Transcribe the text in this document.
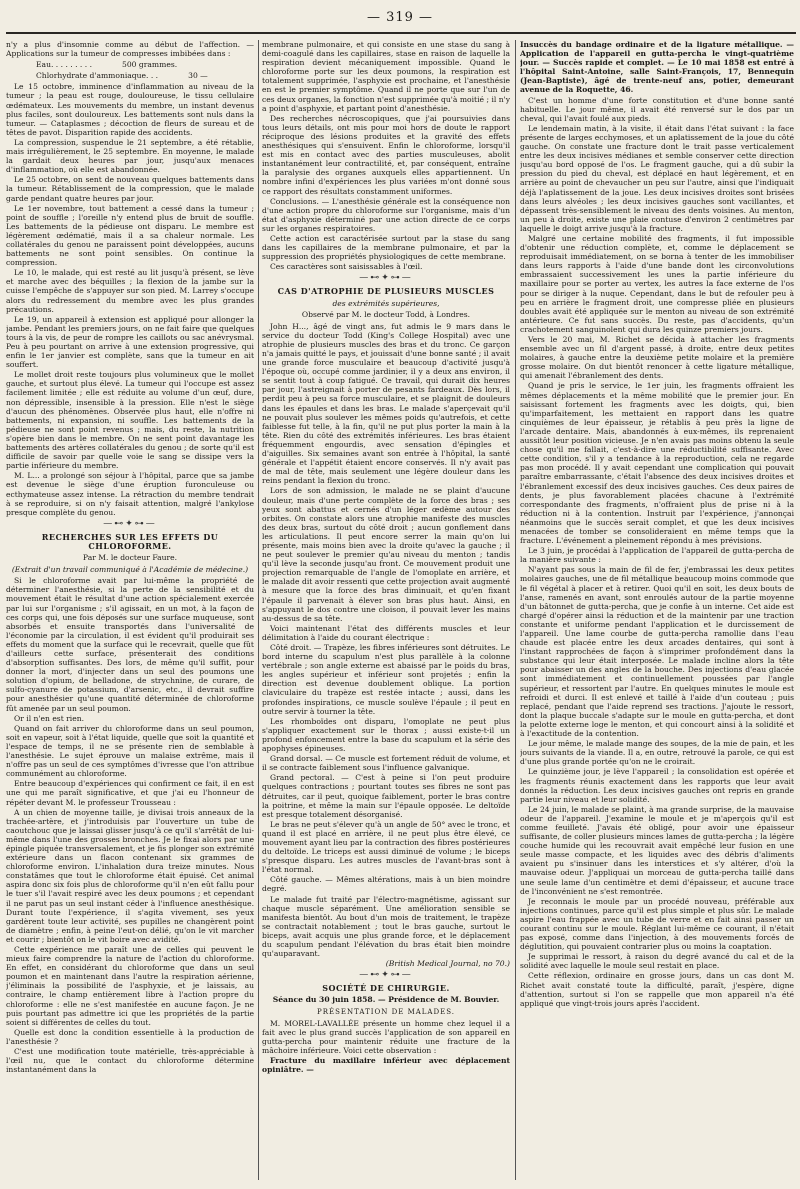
— 319 —

n'y a plus d'insomnie comme au début de l'affection. — Applications sur la tumeur de compresses imbibées dans :

Eau. . . . . . . . .	500 grammes.
Chlorhydrate d'ammoniaque. . .	30 —

Le 15 octobre, imminence d'inflammation au niveau de la tumeur ; la peau est rouge, douloureuse, le tissu cellulaire œdémateux. Les mouvements du membre, un instant devenus plus faciles, sont douloureux. Les battements sont nuls dans la tumeur. — Cataplasmes ; décoction de fleurs de sureau et de têtes de pavot. Disparition rapide des accidents.

La compression, suspendue le 21 septembre, a été rétablie, mais irrégulièrement, le 25 septembre. En moyenne, le malade la gardait deux heures par jour, jusqu'aux menaces d'inflammation, où elle est abandonnée.

Le 25 octobre, on sent de nouveau quelques battements dans la tumeur. Rétablissement de la compression, que le malade garde pendant quatre heures par jour.

Le 1er novembre, tout battement a cessé dans la tumeur ; point de souffle ; l'oreille n'y entend plus de bruit de souffle. Les battements de la pédieuse ont disparu. Le membre est légèrement œdématié, mais il a sa chaleur normale. Les collatérales du genou ne paraissent point développées, aucuns battements ne sont point sensibles. On continue la compression.

Le 10, le malade, qui est resté au lit jusqu'à présent, se lève et marche avec des béquilles ; la flexion de la jambe sur la cuisse l'empêche de s'appuyer sur son pied. M. Larrey s'occupe alors du redressement du membre avec les plus grandes précautions.

Le 19, un appareil à extension est appliqué pour allonger la jambe. Pendant les premiers jours, on ne fait faire que quelques tours à la vis, de peur de rompre les caillots ou sac anévrysmal. Peu à peu pourtant on arrive à une extension progressive, qui enfin le 1er janvier est complète, sans que la tumeur en ait souffert.

Le mollet droit reste toujours plus volumineux que le mollet gauche, et surtout plus élevé. La tumeur qui l'occupe est assez facilement limitée ; elle est réduite au volume d'un œuf, dure, non dépressible, insensible à la pression. Elle n'est le siège d'aucun des phénomènes. Observée plus haut, elle n'offre ni battements, ni expansion, ni souffle. Les battements de la pédieuse ne sont point revenus ; mais, du reste, la nutrition s'opère bien dans le membre. On ne sent point davantage les battements des artères collatérales du genou ; de sorte qu'il est difficile de savoir par quelle voie le sang se dissipe vers la partie inférieure du membre.

M. L... a prolongé son séjour à l'hôpital, parce que sa jambe est devenue le siège d'une éruption furonculeuse ou ecthymateuse assez intense. La rétraction du membre tendrait à se reproduire, si on n'y faisait attention, malgré l'ankylose presque complète du genou.

—⊷✦⊶—
RECHERCHES SUR LES EFFETS DU CHLOROFORME.
Par M. le docteur Faure.
(Extrait d'un travail communiqué à l'Académie de médecine.)

Si le chloroforme avait par lui-même la propriété de déterminer l'anesthésie, si la perte de la sensibilité et du mouvement était le résultat d'une action spécialement exercée par lui sur l'organisme ; s'il agissait, en un mot, à la façon de ces corps qui, une fois déposés sur une surface muqueuse, sont absorbés et ensuite transportés dans l'universalité de l'économie par la circulation, il est évident qu'il produirait ses effets du moment que la surface qui le recevrait, quelle que fût d'ailleurs cette surface, présenterait des conditions d'absorption suffisantes. Des lors, de même qu'il suffit, pour donner la mort, d'injecter dans un seul des poumons une solution d'opium, de belladone, de strychnine, de curare, de sulfo-cyanure de potassium, d'arsenic, etc., il devrait suffire pour anesthésier qu'une quantité déterminée de chloroforme fût amenée par un seul poumon.

Or il n'en est rien.

Quand on fait arriver du chloroforme dans un seul poumon, soit en vapeur, soit à l'état liquide, quelle que soit la quantité et l'espace de temps, il ne se présente rien de semblable à l'anesthésie. Le sujet éprouve un malaise extrême, mais il n'offre pas un seul de ces symptômes d'ivresse que l'on attribue communément au chloroforme.

Entre beaucoup d'expériences qui confirment ce fait, il en est une qui me paraît significative, et que j'ai eu l'honneur de répéter devant M. le professeur Trousseau :

A un chien de moyenne taille, je divisai trois anneaux de la trachée-artère, et j'introduisis par l'ouverture un tube de caoutchouc que je laissai glisser jusqu'à ce qu'il s'arrêtât de lui-même dans l'une des grosses bronches. Je le fixai alors par une épingle piquée transversalement, et je fis plonger son extrémité extérieure dans un flacon contenant six grammes de chloroforme environ. L'inhalation dura treize minutes. Nous constatâmes que tout le chloroforme était épuisé. Cet animal aspira donc six fois plus de chloroforme qu'il n'en eût fallu pour le tuer s'il l'avait respiré avec les deux poumons ; et cependant il ne parut pas un seul instant céder à l'influence anesthésique. Durant toute l'expérience, il s'agita vivement, ses yeux gardèrent toute leur activité, ses pupilles ne changèrent point de diamètre ; enfin, à peine l'eut-on délié, qu'on le vit marcher et courir ; bientôt on le vit boire avec avidité.

Cette expérience me paraît une de celles qui peuvent le mieux faire comprendre la nature de l'action du chloroforme. En effet, en considérant du chloroforme que dans un seul poumon et en maintenant dans l'autre la respiration aérienne, j'éliminais la possibilité de l'asphyxie, et je laissais, au contraire, le champ entièrement libre à l'action propre du chloroforme : elle ne s'est manifestée en aucune façon. Je ne puis pourtant pas admettre ici que les propriétés de la partie soient si différentes de celles du tout.

Quelle est donc la condition essentielle à la production de l'anesthésie ?

C'est une modification toute matérielle, très-appréciable à l'œil nu, que le contact du chloroforme détermine instantanément dans la

membrane pulmonaire, et qui consiste en une stase du sang à demi-coagulé dans les capillaires, stase en raison de laquelle la respiration devient mécaniquement impossible. Quand le chloroforme porte sur les deux poumons, la respiration est totalement supprimée, l'asphyxie est prochaine, et l'anesthésie en est le premier symptôme. Quand il ne porte que sur l'un de ces deux organes, la fonction n'est supprimée qu'à moitié ; il n'y a point d'asphyxie, et partant point d'anesthésie.

Des recherches nécroscopiques, que j'ai poursuivies dans tous leurs détails, ont mis pour moi hors de doute le rapport réciproque des lésions produites et la gravité des effets anesthésiques qui s'ensuivent. Enfin le chloroforme, lorsqu'il est mis en contact avec des parties musculeuses, abolit instantanément leur contractilité, et, par conséquent, entraîne la paralysie des organes auxquels elles appartiennent. Un nombre infini d'expériences les plus variées m'ont donné sous ce rapport des résultats constamment uniformes.

Conclusions. — L'anesthésie générale est la conséquence non d'une action propre du chloroforme sur l'organisme, mais d'un état d'asphyxie déterminé par une action directe de ce corps sur les organes respiratoires.

Cette action est caractérisée surtout par la stase du sang dans les capillaires de la membrane pulmonaire, et par la suppression des propriétés physiologiques de cette membrane.

Ces caractères sont saisissables à l'œil.

—⊷✦⊶—
CAS D'ATROPHIE DE PLUSIEURS MUSCLES
des extrémités supérieures,
Observé par M. le docteur Todd, à Londres.

John H..., âgé de vingt ans, fut admis le 9 mars dans le service du docteur Todd (King's College Hospital) avec une atrophie de plusieurs muscles des bras et du tronc. Ce garçon n'a jamais quitté le pays, et jouissait d'une bonne santé ; il avait une grande force musculaire et beaucoup d'activité jusqu'à l'époque où, occupé comme jardinier, il y a deux ans environ, il se sentit tout à coup fatigué. Ce travail, qui durait dix heures par jour, l'astreignait à porter de pesants fardeaux. Dès lors, il perdit peu à peu sa force musculaire, et se plaignit de douleurs dans les épaules et dans les bras. Le malade s'aperçevait qu'il ne pouvait plus soulever les mêmes poids qu'autrefois, et cette faiblesse fut telle, à la fin, qu'il ne put plus porter la main à la tête. Rien du côté des extrémités inférieures. Les bras étaient fréquemment engourdis, avec sensation d'épingles et d'aiguilles. Six semaines avant son entrée à l'hôpital, la santé générale et l'appétit étaient encore conservés. Il n'y avait pas de mal de tête, mais seulement une légère douleur dans les reins pendant la flexion du tronc.

Lors de son admission, le malade ne se plaint d'aucune douleur, mais d'une perte complète de la force des bras ; ses yeux sont abattus et cernés d'un léger œdème autour des orbites. On constate alors une atrophie manifeste des muscles des deux bras, surtout du côté droit ; aucun gonflement dans les articulations. Il peut encore serrer la main qu'on lui présente, mais moins bien avec la droite qu'avec la gauche ; il ne peut soulever le premier qu'au niveau du menton ; tandis qu'il lève la seconde jusqu'au front. Ce mouvement produit une projection remarquable de l'angle de l'omoplate en arrière, et le malade dit avoir ressenti que cette projection avait augmenté à mesure que la force des bras diminuait, et qu'en fixant l'épaule il parvenait à élever son bras plus haut. Ainsi, en s'appuyant le dos contre une cloison, il pouvait lever les mains au-dessus de sa tête.

Voici maintenant l'état des différents muscles et leur délimitation à l'aide du courant électrique :

Côté droit. — Trapèze, les fibres inférieures sont détruites. Le bord interne du scapulum n'est plus parallèle à la colonne vertébrale ; son angle externe est abaissé par le poids du bras, les angles supérieur et inférieur sont projetés ; enfin la direction est devenue doublement oblique. La portion claviculaire du trapèze est restée intacte ; aussi, dans les profondes inspirations, ce muscle soulève l'épaule ; il peut en outre servir à tourner la tête.

Les rhomboïdes ont disparu, l'omoplate ne peut plus s'appliquer exactement sur le thorax ; aussi existe-t-il un profond enfoncement entre la base du scapulum et la série des apophyses épineuses.

Grand dorsal. — Ce muscle est fortement réduit de volume, et il se contracte faiblement sous l'influence galvanique.

Grand pectoral. — C'est à peine si l'on peut produire quelques contractions ; pourtant toutes ses fibres ne sont pas détruites, car il peut, quoique faiblement, porter le bras contre la poitrine, et même la main sur l'épaule opposée. Le deltoïde est presque totalement désorganisé.

Le bras ne peut s'élever qu'à un angle de 50° avec le tronc, et quand il est placé en arrière, il ne peut plus être élevé, ce mouvement ayant lieu par la contraction des fibres postérieures du deltoïde. Le triceps est aussi diminué de volume ; le biceps s'presque disparu. Les autres muscles de l'avant-bras sont à l'état normal.

Côté gauche. — Mêmes altérations, mais à un bien moindre degré.

Le malade fut traité par l'électro-magnétisme, agissant sur chaque muscle séparément. Une amélioration sensible se manifesta bientôt. Au bout d'un mois de traitement, le trapèze se contractait notablement ; tout le bras gauche, surtout le biceps, avait acquis une plus grande force, et le déplacement du scapulum pendant l'élévation du bras était bien moindre qu'auparavant.

(British Medical Journal, no 70.)

—⊷✦⊶—
SOCIÉTÉ DE CHIRURGIE.
Séance du 30 juin 1858. — Présidence de M. Bouvier.
PRÉSENTATION DE MALADES.

M. MOREL-LAVALLÉE présente un homme chez lequel il a fait avec le plus grand succès l'application de son appareil en gutta-percha pour maintenir réduite une fracture de la mâchoire inférieure. Voici cette observation :

Fracture du maxillaire inférieur avec déplacement opiniâtre. —

Insuccès du bandage ordinaire et de la ligature métallique. — Application de l'appareil en gutta-percha le vingt-quatrième jour. — Succès rapide et complet. — Le 10 mai 1858 est entré à l'hôpital Saint-Antoine, salle Saint-François, 17, Bennequin (Jean-Baptiste), âgé de trente-neuf ans, potier, demeurant avenue de la Roquette, 46.

C'est un homme d'une forte constitution et d'une bonne santé habituelle. Le jour même, il avait été renversé sur le dos par un cheval, qui l'avait foulé aux pieds.

Le lendemain matin, à la visite, il était dans l'état suivant : la face présente de larges ecchymoses, et un aplatissement de la joue du côté gauche. On constate une fracture dont le trait passe verticalement entre les deux incisives médianes et semble conserver cette direction jusqu'au bord opposé de l'os. Le fragment gauche, qui a dû subir la pression du pied du cheval, est déplacé en haut légèrement, et en arrière au point de chevaucher un peu sur l'autre, ainsi que l'indiquait déjà l'aplatissement de la joue. Les deux incisives droites sont brisées dans leurs alvéoles ; les deux incisives gauches sont vacillantes, et dépassent très-sensiblement le niveau des dents voisines. Au menton, un peu à droite, existe une plaie contuse d'environ 2 centimètres par laquelle le doigt arrive jusqu'à la fracture.

Malgré une certaine mobilité des fragments, il fut impossible d'obtenir une réduction complète, et, comme le déplacement se reproduisait immédiatement, on se borna à tenter de les immobiliser dans leurs rapports à l'aide d'une bande dont les circonvolutions embrassaient successivement les unes la partie inférieure du maxillaire pour se porter au vertex, les autres la face externe de l'os pour se diriger à la nuque. Cependant, dans le but de refouler peu à peu en arrière le fragment droit, une compresse pliée en plusieurs doubles avait été appliquée sur le menton au niveau de son extrémité antérieure. Ce fut sans succès. Du reste, pas d'accidents, qu'un crachotement sanguinolent qui dura les quinze premiers jours.

Vers le 20 mai, M. Richet se décida à attacher les fragments ensemble avec un fil d'argent passé, à droite, entre deux petites molaires, à gauche entre la deuxième petite molaire et la première grosse molaire. On dut bientôt renoncer à cette ligature métallique, qui amenait l'ébranlement des dents.

Quand je pris le service, le 1er juin, les fragments offraient les mêmes déplacements et la même mobilité que le premier jour. En saisissant fortement les fragments avec les doigts, qui, bien qu'imparfaitement, les mettaient en rapport dans les quatre cinquièmes de leur épaisseur, je rétablis à peu près la ligne de l'arcade dentaire. Mais, abandonnés à eux-mêmes, ils reprenaient aussitôt leur position vicieuse. Je n'en avais pas moins obtenu la seule chose qu'il me fallait, c'est-à-dire une réductibilité suffisante. Avec cette condition, s'il y a tendance à la reproduction, cela ne regarde pas mon procédé. Il y avait cependant une complication qui pouvait paraître embarrassante, c'était l'absence des deux incisives droites et l'ébranlement excessif des deux incisives gauches. Ces deux paires de dents, je plus favorablement placées chacune à l'extrémité correspondante des fragments, n'offraient plus de prise ni à la réduction ni à la contention. Instruit par l'expérience, j'annonçai néanmoins que le succès serait complet, et que les deux incisives menacées de tomber se consolideraient en même temps que la fracture. L'événement a pleinement répondu à mes prévisions.

Le 3 juin, je procédai à l'application de l'appareil de gutta-percha de la manière suivante :

N'ayant pas sous la main de fil de fer, j'embrassai les deux petites molaires gauches, une de fil métallique beaucoup moins commode que le fil végétal à placer et à retirer. Quoi qu'il en soit, les deux bouts de l'anse, ramenés en avant, sont enroulés autour de la partie moyenne d'un bâtonnet de gutta-percha, que je confie à un interne. Cet aide est chargé d'opérer ainsi la réduction et de la maintenir par une traction constante et uniforme pendant l'application et le durcissement de l'appareil. Une lame courbe de gutta-percha ramollie dans l'eau chaude est placée entre les deux arcades dentaires, qui sont à l'instant rapprochées de façon à s'imprimer profondément dans la substance qui leur était interposée. Le malade incline alors la tête pour abaisser un des angles de la bouche. Des injections d'eau glacée sont immédiatement et continuellement poussées par l'angle supérieur, et ressortent par l'autre. En quelques minutes le moule est refroidi et durci. Il est enlevé et taillé à l'aide d'un couteau ; puis replacé, pendant que l'aide reprend ses tractions. J'ajoute le ressort, dont la plaque buccale s'adapte sur le moule en gutta-percha, et dont la pelotte externe loge le menton, et qui concourt ainsi à la solidité et à l'exactitude de la contention.

Le jour même, le malade mange des soupes, de la mie de pain, et les jours suivants de la viande. Il a, en outre, retrouvé la parole, ce qui est d'une plus grande portée qu'on ne le croirait.

Le quinzième jour, je lève l'appareil ; la consolidation est opérée et les fragments réunis exactement dans les rapports que leur avait donnés la réduction. Les deux incisives gauches ont repris en grande partie leur niveau et leur solidité.

Le 24 juin, le malade se plaint, à ma grande surprise, de la mauvaise odeur de l'appareil. J'examine le moule et je m'aperçois qu'il est comme feuilleté. J'avais été obligé, pour avoir une épaisseur suffisante, de coller plusieurs minces lames de gutta-percha ; la légère couche humide qui les recouvrait avait empêché leur fusion en une seule masse compacte, et les liquides avec des débris d'aliments avaient pu s'insinuer dans les interstices et s'y altérer, d'où la mauvaise odeur. J'appliquai un morceau de gutta-percha taillé dans une seule lame d'un centimètre et demi d'épaisseur, et aucune trace de l'inconvénient ne s'est remontrée.

Je reconnais le moule par un procédé nouveau, préférable aux injections continues, parce qu'il est plus simple et plus sûr. Le malade aspire l'eau frappée avec un tube de verre et en fait ainsi passer un courant continu sur le moule. Réglant lui-même ce courant, il n'était pas exposé, comme dans l'injection, à des mouvements forcés de déglutition, qui pouvaient contrarier plus ou moins la coaptation.

Je supprimai le ressort, à raison du degré avancé du cal et de la solidité avec laquelle le moule seul restait en place.

Cette réflexion, ordinaire en grosse jours, dans un cas dont M. Richet avait constaté toute la difficulté, paraît, j'espère, digne d'attention, surtout si l'on se rappelle que mon appareil n'a été appliqué que vingt-trois jours après l'accident.
